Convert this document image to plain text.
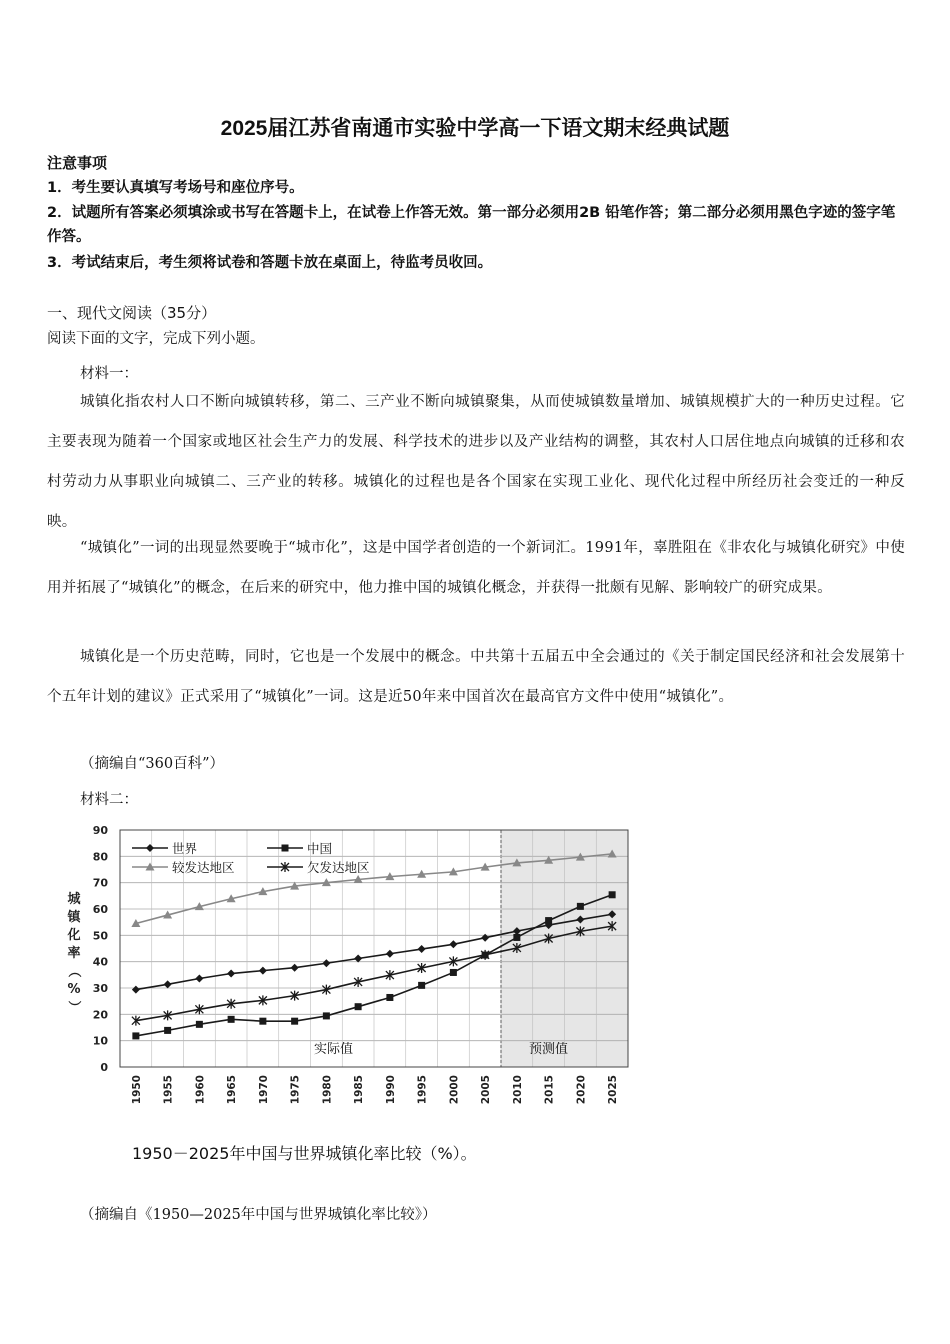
2025届江苏省南通市实验中学高一下语文期末经典试题
注意事项
1．考生要认真填写考场号和座位序号。
2．试题所有答案必须填涂或书写在答题卡上，在试卷上作答无效。第一部分必须用2B 铅笔作答；第二部分必须用黑色字迹的签字笔作答。
3．考试结束后，考生须将试卷和答题卡放在桌面上，待监考员收回。
一、现代文阅读（35分）
阅读下面的文字，完成下列小题。
材料一：
城镇化指农村人口不断向城镇转移，第二、三产业不断向城镇聚集，从而使城镇数量增加、城镇规模扩大的一种历史过程。它主要表现为随着一个国家或地区社会生产力的发展、科学技术的进步以及产业结构的调整，其农村人口居住地点向城镇的迁移和农村劳动力从事职业向城镇二、三产业的转移。城镇化的过程也是各个国家在实现工业化、现代化过程中所经历社会变迁的一种反映。
“城镇化”一词的出现显然要晚于“城市化”，这是中国学者创造的一个新词汇。1991年，辜胜阻在《非农化与城镇化研究》中使用并拓展了“城镇化”的概念，在后来的研究中，他力推中国的城镇化概念，并获得一批颇有见解、影响较广的研究成果。
城镇化是一个历史范畴，同时，它也是一个发展中的概念。中共第十五届五中全会通过的《关于制定国民经济和社会发展第十个五年计划的建议》正式采用了“城镇化”一词。这是近50年来中国首次在最高官方文件中使用“城镇化”。
（摘编自“360百科”）
材料二：
0
10
20
30
40
50
60
70
80
90
1950 1955 1960 1965 1970 1975 1980 1985 1990 1995 2000 2005 2010 2015 2020 2025
城
镇
化
率
（
%
）
世界	中国
较发达地区	欠发达地区
实际值	预测值
1950－2025年中国与世界城镇化率比较（%）。
（摘编自《1950—2025年中国与世界城镇化率比较》）
